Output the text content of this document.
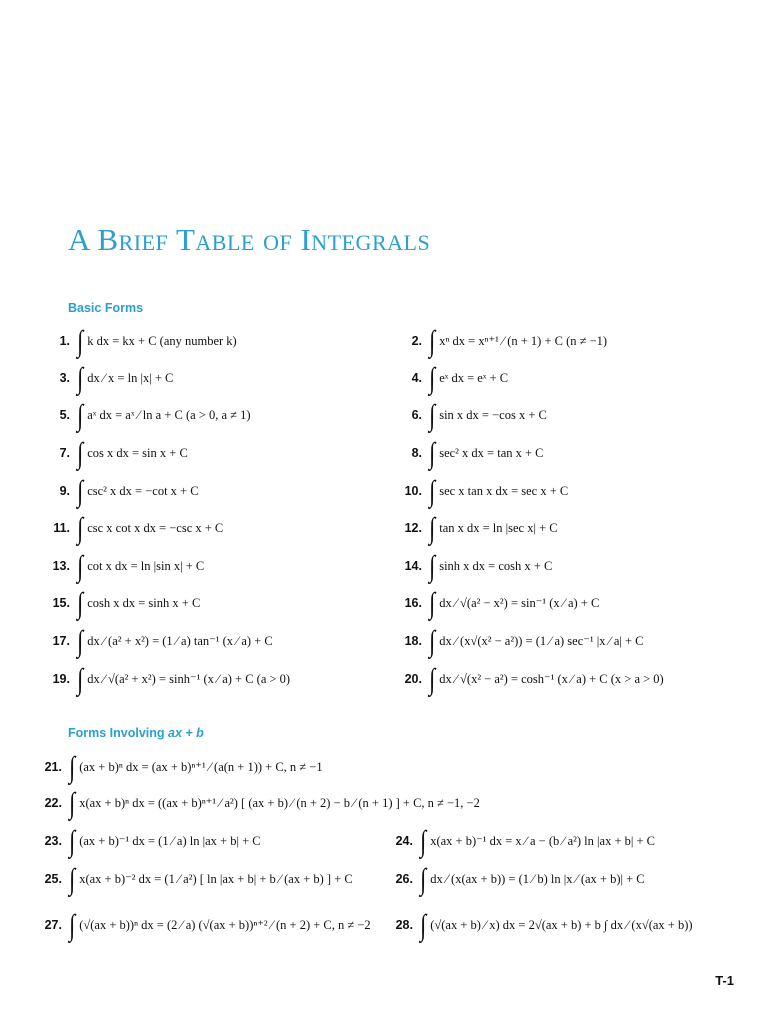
A Brief Table of Integrals
Basic Forms
Forms Involving ax + b
1. ∫ k dx = kx + C (any number k)
3. ∫ dx ⁄ x = ln |x| + C
5. ∫ aˣ dx = aˣ ⁄ ln a + C (a > 0, a ≠ 1)
7. ∫ cos x dx = sin x + C
9. ∫ csc² x dx = −cot x + C
11. ∫ csc x cot x dx = −csc x + C
13. ∫ cot x dx = ln |sin x| + C
15. ∫ cosh x dx = sinh x + C
17. ∫ dx ⁄ (a² + x²) = (1 ⁄ a) tan⁻¹ (x ⁄ a) + C
19. ∫ dx ⁄ √(a² + x²) = sinh⁻¹ (x ⁄ a) + C (a > 0)
2. ∫ xⁿ dx = xⁿ⁺¹ ⁄ (n + 1) + C (n ≠ −1)
4. ∫ eˣ dx = eˣ + C
6. ∫ sin x dx = −cos x + C
8. ∫ sec² x dx = tan x + C
10. ∫ sec x tan x dx = sec x + C
12. ∫ tan x dx = ln |sec x| + C
14. ∫ sinh x dx = cosh x + C
16. ∫ dx ⁄ √(a² − x²) = sin⁻¹ (x ⁄ a) + C
18. ∫ dx ⁄ (x√(x² − a²)) = (1 ⁄ a) sec⁻¹ |x ⁄ a| + C
20. ∫ dx ⁄ √(x² − a²) = cosh⁻¹ (x ⁄ a) + C (x > a > 0)
21. ∫ (ax + b)ⁿ dx = (ax + b)ⁿ⁺¹ ⁄ (a(n + 1)) + C, n ≠ −1
22. ∫ x(ax + b)ⁿ dx = ((ax + b)ⁿ⁺¹ ⁄ a²) [ (ax + b) ⁄ (n + 2) − b ⁄ (n + 1) ] + C, n ≠ −1, −2
23. ∫ (ax + b)⁻¹ dx = (1 ⁄ a) ln |ax + b| + C
25. ∫ x(ax + b)⁻² dx = (1 ⁄ a²) [ ln |ax + b| + b ⁄ (ax + b) ] + C
27. ∫ (√(ax + b))ⁿ dx = (2 ⁄ a) (√(ax + b))ⁿ⁺² ⁄ (n + 2) + C, n ≠ −2
24. ∫ x(ax + b)⁻¹ dx = x ⁄ a − (b ⁄ a²) ln |ax + b| + C
26. ∫ dx ⁄ (x(ax + b)) = (1 ⁄ b) ln |x ⁄ (ax + b)| + C
28. ∫ (√(ax + b) ⁄ x) dx = 2√(ax + b) + b ∫ dx ⁄ (x√(ax + b))
T-1
